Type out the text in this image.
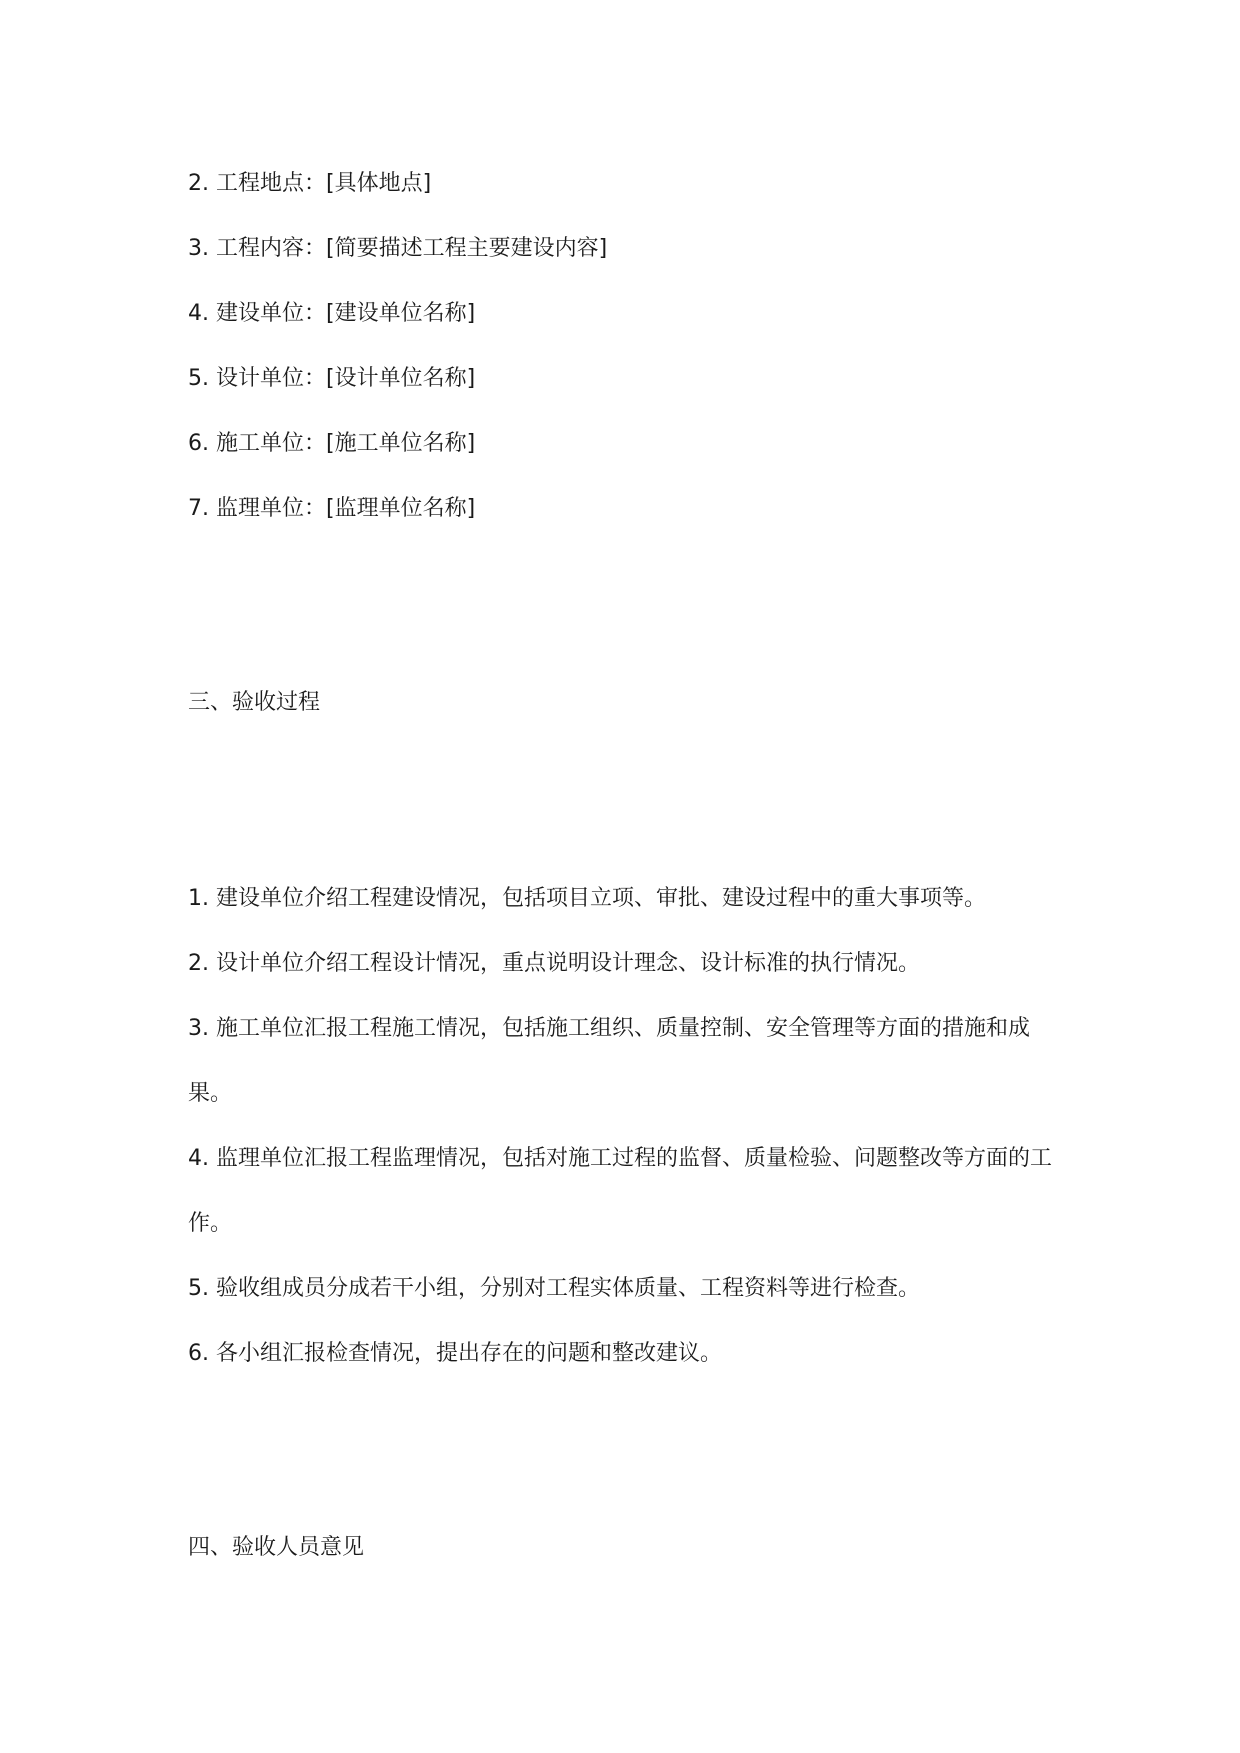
2. 工程地点：[具体地点]
3. 工程内容：[简要描述工程主要建设内容]
4. 建设单位：[建设单位名称]
5. 设计单位：[设计单位名称]
6. 施工单位：[施工单位名称]
7. 监理单位：[监理单位名称]
三、验收过程
1. 建设单位介绍工程建设情况，包括项目立项、审批、建设过程中的重大事项等。
2. 设计单位介绍工程设计情况，重点说明设计理念、设计标准的执行情况。
3. 施工单位汇报工程施工情况，包括施工组织、质量控制、安全管理等方面的措施和成
果。
4. 监理单位汇报工程监理情况，包括对施工过程的监督、质量检验、问题整改等方面的工
作。
5. 验收组成员分成若干小组，分别对工程实体质量、工程资料等进行检查。
6. 各小组汇报检查情况，提出存在的问题和整改建议。
四、验收人员意见
